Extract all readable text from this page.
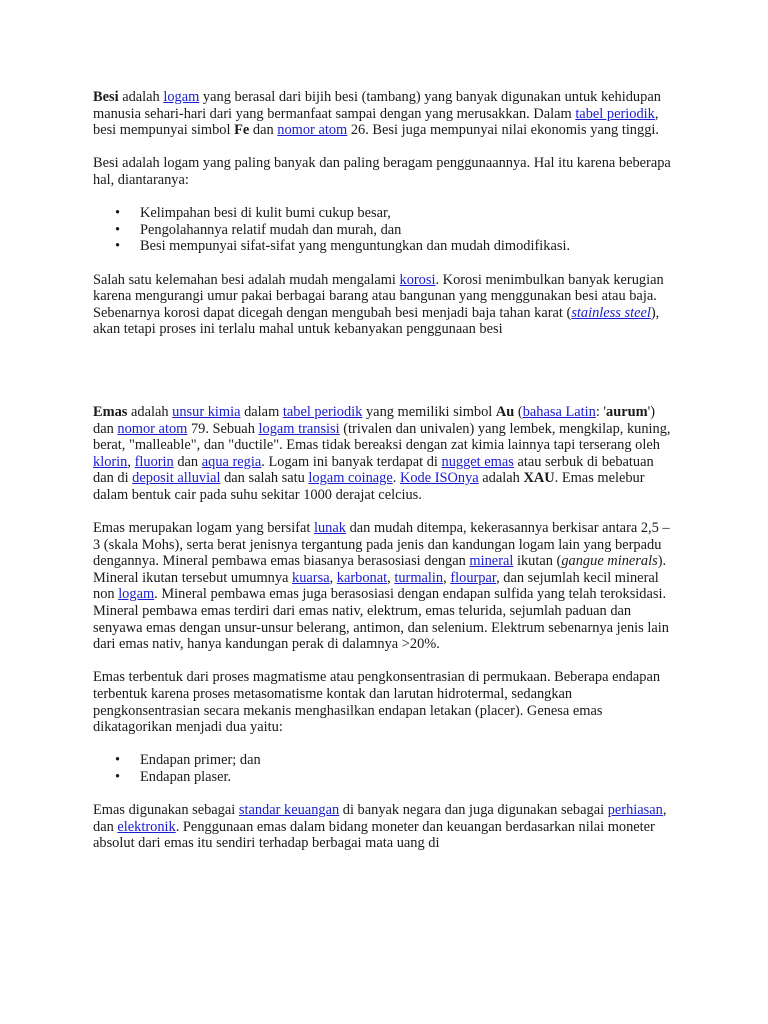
Besi adalah logam yang berasal dari bijih besi (tambang) yang banyak digunakan untuk kehidupan manusia sehari-hari dari yang bermanfaat sampai dengan yang merusakkan. Dalam tabel periodik, besi mempunyai simbol Fe dan nomor atom 26. Besi juga mempunyai nilai ekonomis yang tinggi.

Besi adalah logam yang paling banyak dan paling beragam penggunaannya. Hal itu karena beberapa hal, diantaranya:

• Kelimpahan besi di kulit bumi cukup besar,
• Pengolahannya relatif mudah dan murah, dan
• Besi mempunyai sifat-sifat yang menguntungkan dan mudah dimodifikasi.

Salah satu kelemahan besi adalah mudah mengalami korosi. Korosi menimbulkan banyak kerugian karena mengurangi umur pakai berbagai barang atau bangunan yang menggunakan besi atau baja. Sebenarnya korosi dapat dicegah dengan mengubah besi menjadi baja tahan karat (stainless steel), akan tetapi proses ini terlalu mahal untuk kebanyakan penggunaan besi

Emas adalah unsur kimia dalam tabel periodik yang memiliki simbol Au (bahasa Latin: 'aurum') dan nomor atom 79. Sebuah logam transisi (trivalen dan univalen) yang lembek, mengkilap, kuning, berat, "malleable", dan "ductile". Emas tidak bereaksi dengan zat kimia lainnya tapi terserang oleh klorin, fluorin dan aqua regia. Logam ini banyak terdapat di nugget emas atau serbuk di bebatuan dan di deposit alluvial dan salah satu logam coinage. Kode ISOnya adalah XAU. Emas melebur dalam bentuk cair pada suhu sekitar 1000 derajat celcius.

Emas merupakan logam yang bersifat lunak dan mudah ditempa, kekerasannya berkisar antara 2,5 – 3 (skala Mohs), serta berat jenisnya tergantung pada jenis dan kandungan logam lain yang berpadu dengannya. Mineral pembawa emas biasanya berasosiasi dengan mineral ikutan (gangue minerals). Mineral ikutan tersebut umumnya kuarsa, karbonat, turmalin, flourpar, dan sejumlah kecil mineral non logam. Mineral pembawa emas juga berasosiasi dengan endapan sulfida yang telah teroksidasi. Mineral pembawa emas terdiri dari emas nativ, elektrum, emas telurida, sejumlah paduan dan senyawa emas dengan unsur-unsur belerang, antimon, dan selenium. Elektrum sebenarnya jenis lain dari emas nativ, hanya kandungan perak di dalamnya >20%.

Emas terbentuk dari proses magmatisme atau pengkonsentrasian di permukaan. Beberapa endapan terbentuk karena proses metasomatisme kontak dan larutan hidrotermal, sedangkan pengkonsentrasian secara mekanis menghasilkan endapan letakan (placer). Genesa emas dikatagorikan menjadi dua yaitu:

• Endapan primer; dan
• Endapan plaser.

Emas digunakan sebagai standar keuangan di banyak negara dan juga digunakan sebagai perhiasan, dan elektronik. Penggunaan emas dalam bidang moneter dan keuangan berdasarkan nilai moneter absolut dari emas itu sendiri terhadap berbagai mata uang di
